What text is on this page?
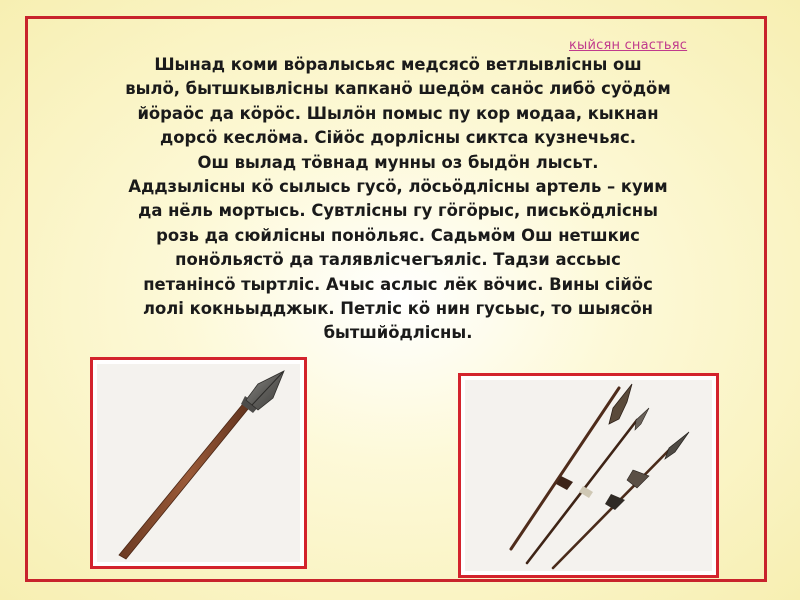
кыйсян снастьяс

Шынад коми вӧралысьяс медсясӧ ветлывлісны ош
вылӧ, бытшкывлісны капканӧ шедӧм санӧс либӧ суӧдӧм
йӧраӧс да кӧрӧс. Шылӧн помыс пу кор модаа, кыкнан
дорсӧ кеслӧма. Сійӧс дорлісны сиктса кузнечьяс.
Ош вылад тӧвнад мунны оз быдӧн лысьт.
Аддзылісны кӧ сылысь гусӧ, лӧсьӧдлісны артель – куим
да нёль мортысь. Сувтлісны гу гӧгӧрыс, писькӧдлісны
розь да сюйлісны понӧльяс. Садьмӧм Ош нетшкис
понӧльястӧ да талявлісчегъялic. Тадзи ассьыс
петанінсӧ тыртлic. Ачыс аслыс лёк вӧчис. Вины сійӧс
лолі кокньыдджык. Петлic кӧ нин гусьыс, то шыясӧн
бытшйӧдлісны.
